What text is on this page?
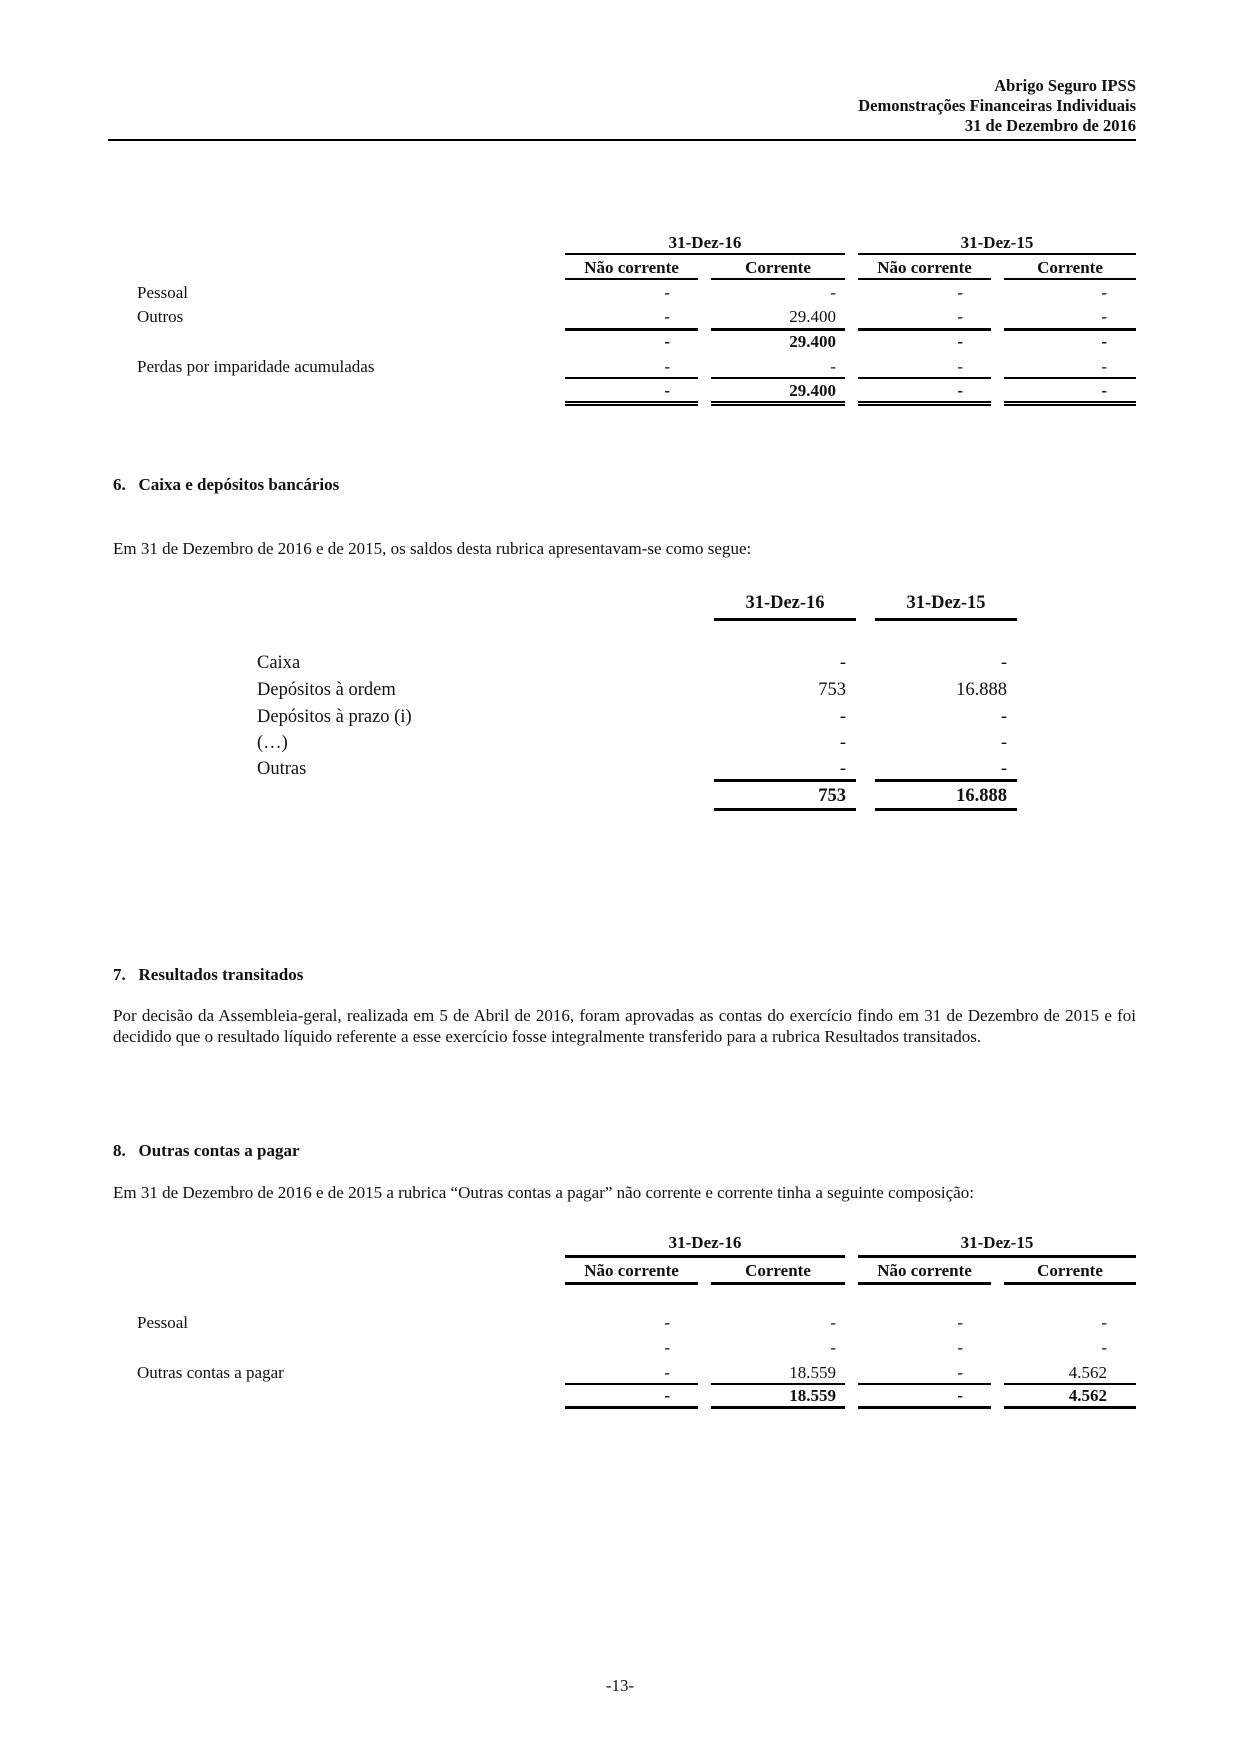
Abrigo Seguro IPSS
Demonstrações Financeiras Individuais
31 de Dezembro de 2016
31-Dez-16	31-Dez-15
Não corrente	Corrente	Não corrente	Corrente
Pessoal	-	-	-	-
Outros	-	29.400	-	-
-	29.400	-	-
Perdas por imparidade acumuladas	-	-	-	-
-	29.400	-	-
6.   Caixa e depósitos bancários
Em 31 de Dezembro de 2016 e de 2015, os saldos desta rubrica apresentavam-se como segue:
31-Dez-16	31-Dez-15
Caixa	-	-
Depósitos à ordem	753	16.888
Depósitos à prazo (i)	-	-
(…)	-	-
Outras	-	-
753	16.888
7.   Resultados transitados
Por decisão da Assembleia-geral, realizada em 5 de Abril de 2016, foram aprovadas as contas do exercício findo em 31 de Dezembro de 2015 e foi decidido que o resultado líquido referente a esse exercício fosse integralmente transferido para a rubrica Resultados transitados.
8.   Outras contas a pagar
Em 31 de Dezembro de 2016 e de 2015 a rubrica “Outras contas a pagar” não corrente e corrente tinha a seguinte composição:
31-Dez-16	31-Dez-15
Não corrente	Corrente	Não corrente	Corrente
Pessoal	-	-	-	-
-	-	-	-
Outras contas a pagar	-	18.559	-	4.562
-	18.559	-	4.562
-13-
